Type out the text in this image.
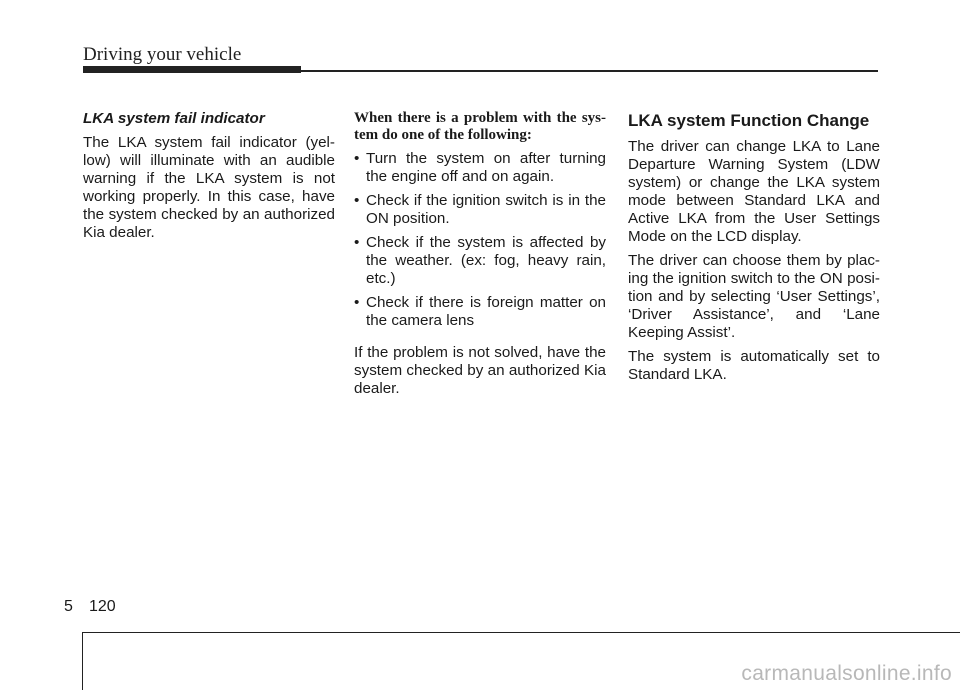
Driving your vehicle

LKA system fail indicator

The LKA system fail indicator (yel-low) will illuminate with an audible warning if the LKA system is not working properly. In this case, have the system checked by an authorized Kia dealer.

When there is a problem with the sys-tem do one of the following:

• Turn the system on after turning the engine off and on again.
• Check if the ignition switch is in the ON position.
• Check if the system is affected by the weather. (ex: fog, heavy rain, etc.)
• Check if there is foreign matter on the camera lens

If the problem is not solved, have the system checked by an authorized Kia dealer.

LKA system Function Change

The driver can change LKA to Lane Departure Warning System (LDW system) or change the LKA system mode between Standard LKA and Active LKA from the User Settings Mode on the LCD display.

The driver can choose them by plac-ing the ignition switch to the ON posi-tion and by selecting ‘User Settings’, ‘Driver Assistance’, and ‘Lane Keeping Assist’.

The system is automatically set to Standard LKA.

5 120
carmanualsonline.info
